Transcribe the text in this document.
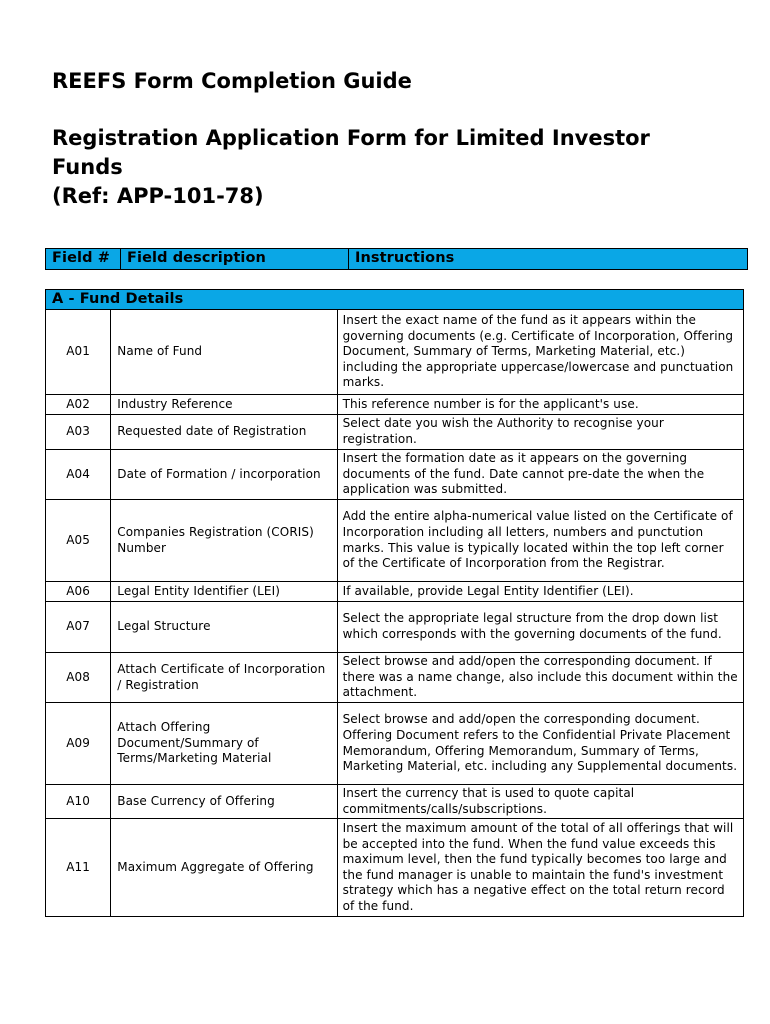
REEFS Form Completion Guide
Registration Application Form for Limited Investor
Funds
(Ref: APP-101-78)
Field #	Field description	Instructions
A - Fund Details		
A01	Name of Fund	Insert the exact name of the fund as it appears within the governing documents (e.g. Certificate of Incorporation, Offering Document, Summary of Terms, Marketing Material, etc.) including the appropriate uppercase/lowercase and punctuation marks.
A02	Industry Reference	This reference number is for the applicant's use.
A03	Requested date of Registration	Select date you wish the Authority to recognise your registration.
A04	Date of Formation / incorporation	Insert the formation date as it appears on the governing documents of the fund. Date cannot pre-date the when the application was submitted.
A05	Companies Registration (CORIS) Number	Add the entire alpha-numerical value listed on the Certificate of Incorporation including all letters, numbers and punctution marks. This value is typically located within the top left corner of the Certificate of Incorporation from the Registrar.
A06	Legal Entity Identifier (LEI)	If available, provide Legal Entity Identifier (LEI).
A07	Legal Structure	Select the appropriate legal structure from the drop down list which corresponds with the governing documents of the fund.
A08	Attach Certificate of Incorporation / Registration	Select browse and add/open the corresponding document. If there was a name change, also include this document within the attachment.
A09	Attach Offering Document/Summary of Terms/Marketing Material	Select browse and add/open the corresponding document. Offering Document refers to the Confidential Private Placement Memorandum, Offering Memorandum, Summary of Terms, Marketing Material, etc. including any Supplemental documents.
A10	Base Currency of Offering	Insert the currency that is used to quote capital commitments/calls/subscriptions.
A11	Maximum Aggregate of Offering	Insert the maximum amount of the total of all offerings that will be accepted into the fund. When the fund value exceeds this maximum level, then the fund typically becomes too large and the fund manager is unable to maintain the fund's investment strategy which has a negative effect on the total return record of the fund.
